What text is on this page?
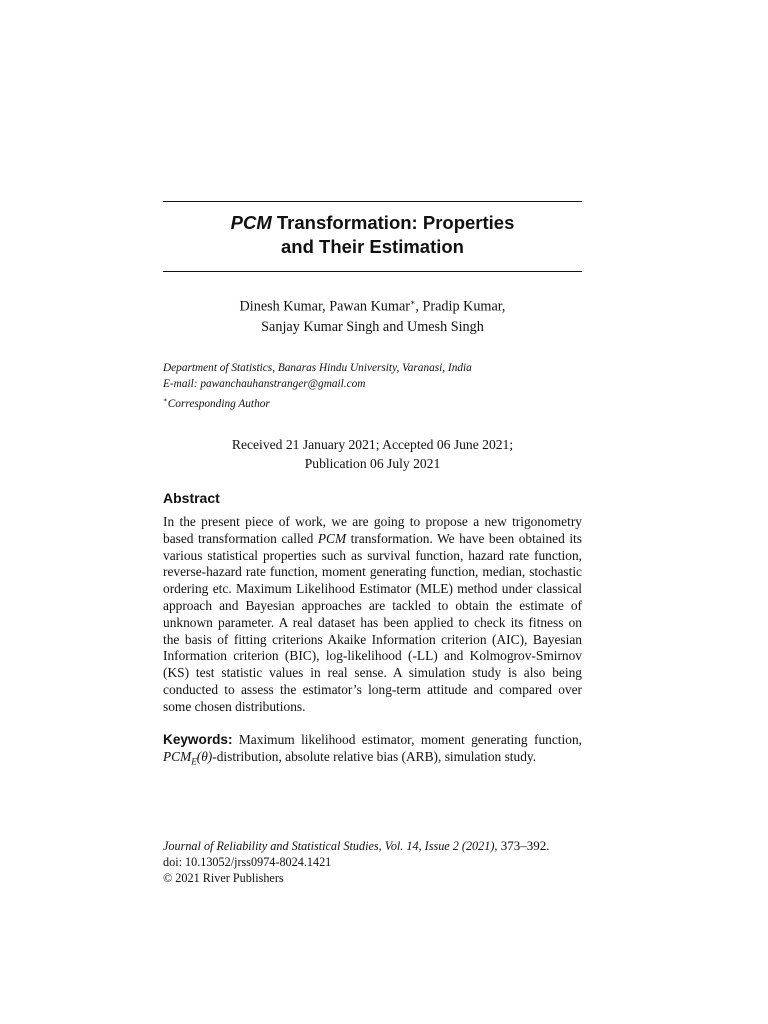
PCM Transformation: Properties
and Their Estimation
Dinesh Kumar, Pawan Kumar∗, Pradip Kumar,
Sanjay Kumar Singh and Umesh Singh
Department of Statistics, Banaras Hindu University, Varanasi, India
E-mail: pawanchauhanstranger@gmail.com
∗Corresponding Author
Received 21 January 2021; Accepted 06 June 2021;
Publication 06 July 2021
Abstract
In the present piece of work, we are going to propose a new trigonometry
based transformation called PCM transformation. We have been obtained its
various statistical properties such as survival function, hazard rate function,
reverse-hazard rate function, moment generating function, median, stochastic
ordering etc. Maximum Likelihood Estimator (MLE) method under classical
approach and Bayesian approaches are tackled to obtain the estimate of
unknown parameter. A real dataset has been applied to check its fitness on
the basis of fitting criterions Akaike Information criterion (AIC), Bayesian
Information criterion (BIC), log-likelihood (-LL) and Kolmogrov-Smirnov
(KS) test statistic values in real sense. A simulation study is also being
conducted to assess the estimator’s long-term attitude and compared over
some chosen distributions.
Keywords: Maximum likelihood estimator, moment generating function,
$PCM_E(\theta)$-distribution, absolute relative bias (ARB), simulation study.
Journal of Reliability and Statistical Studies, Vol. 14, Issue 2 (2021), 373–392.
doi: 10.13052/jrss0974-8024.1421
© 2021 River Publishers
